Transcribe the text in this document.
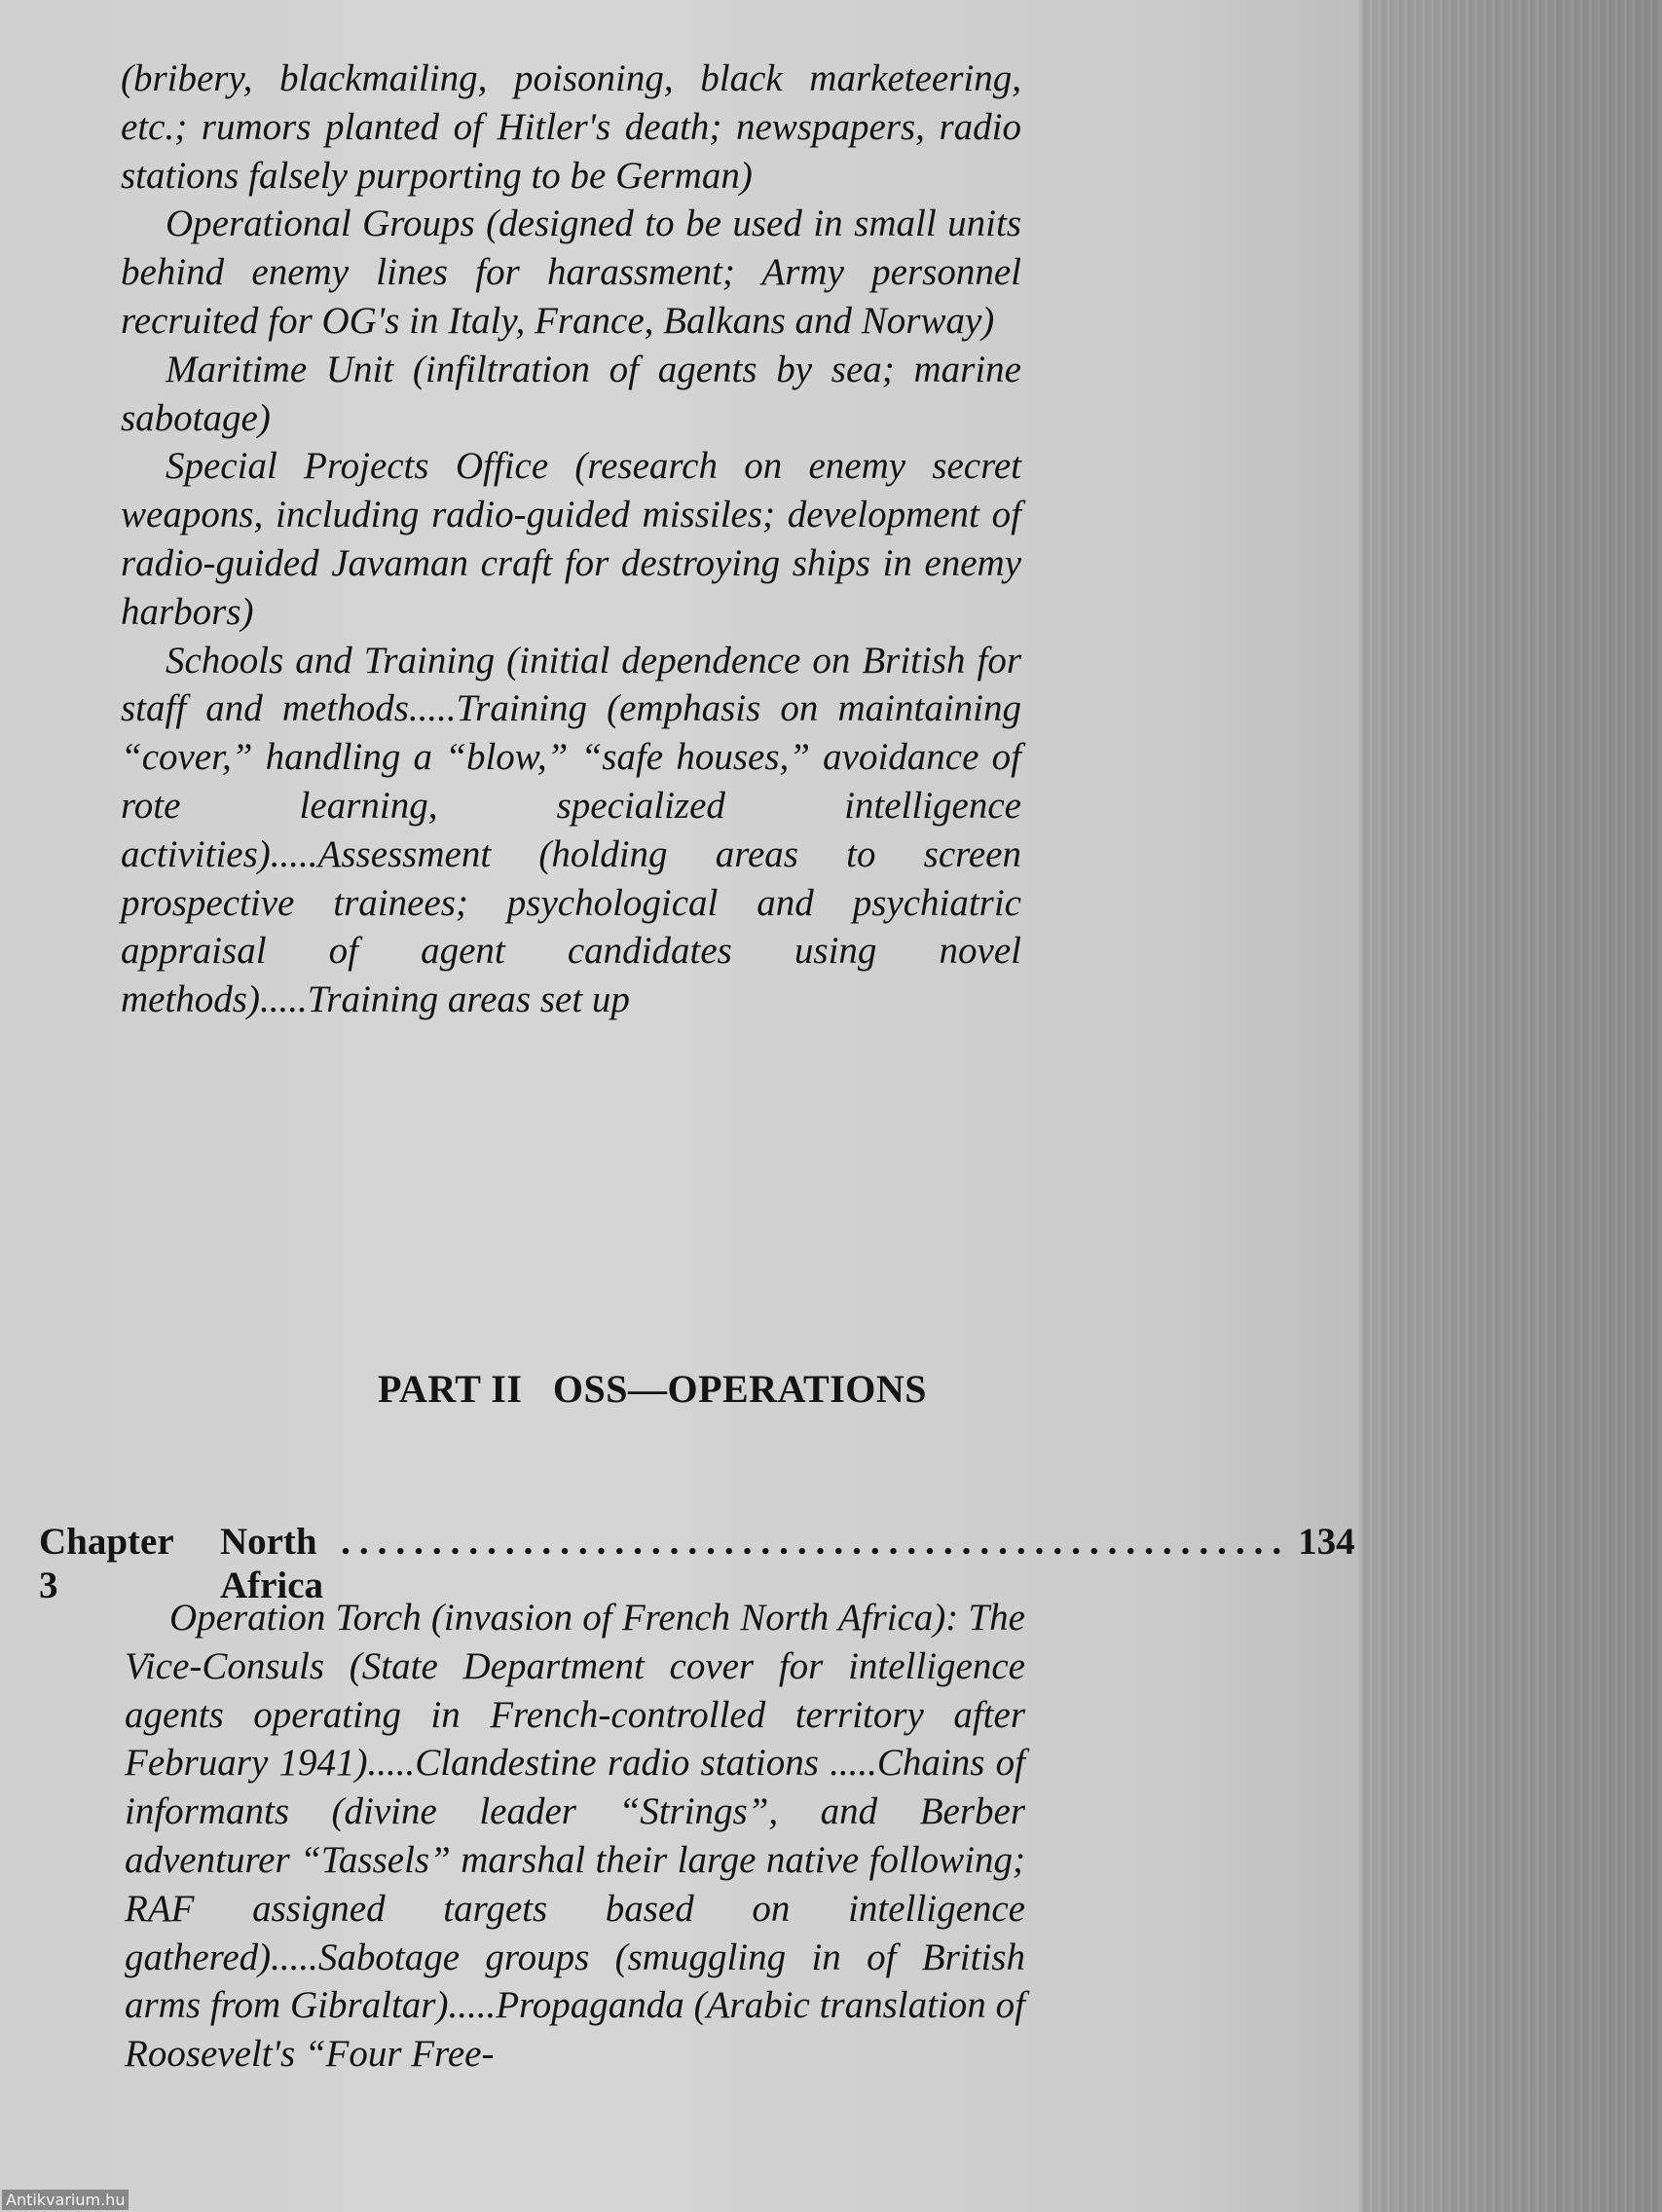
(bribery, blackmailing, poisoning, black marketeering, etc.; rumors planted of Hitler's death; newspapers, radio stations falsely purporting to be German)

Operational Groups (designed to be used in small units behind enemy lines for harassment; Army personnel recruited for OG's in Italy, France, Balkans and Norway)

Maritime Unit (infiltration of agents by sea; marine sabotage)

Special Projects Office (research on enemy secret weapons, including radio-guided missiles; development of radio-guided Javaman craft for destroying ships in enemy harbors)

Schools and Training (initial dependence on British for staff and methods.....Training (emphasis on maintaining “cover,” handling a “blow,” “safe houses,” avoidance of rote learning, specialized intelligence activities).....Assessment (holding areas to screen prospective trainees; psychological and psychiatric appraisal of agent candidates using novel methods).....Training areas set up

PART II   OSS—OPERATIONS
Chapter 3
North Africa
.................................................... 134

Operation Torch (invasion of French North Africa): The Vice-Consuls (State Department cover for intelligence agents operating in French-controlled territory after February 1941).....Clandestine radio stations .....Chains of informants (divine leader “Strings”, and Berber adventurer “Tassels” marshal their large native following; RAF assigned targets based on intelligence gathered).....Sabotage groups (smuggling in of British arms from Gibraltar).....Propaganda (Arabic translation of Roosevelt's “Four Free-

Antikvarium.hu
